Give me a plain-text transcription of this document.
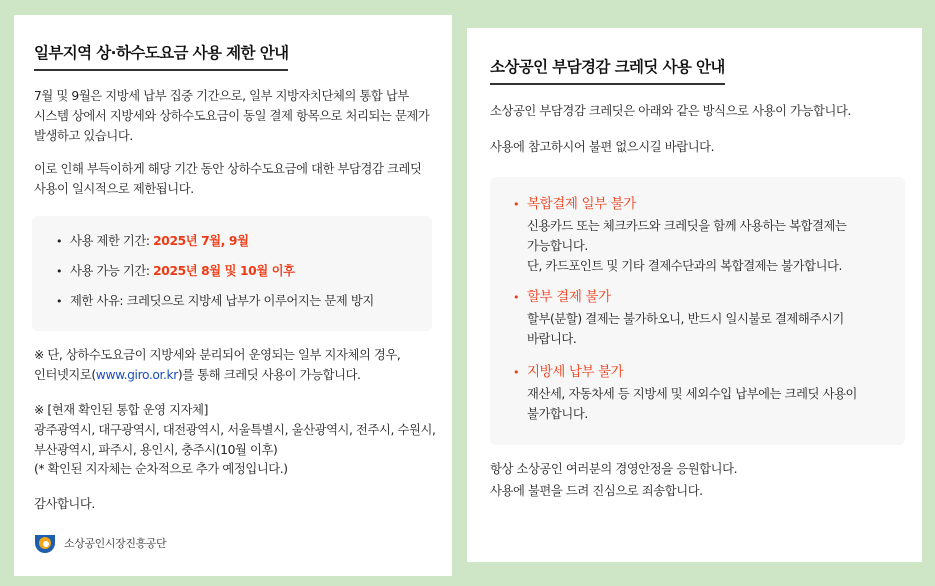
일부지역 상·하수도요금 사용 제한 안내
7월 및 9월은 지방세 납부 집중 기간으로, 일부 지방자치단체의 통합 납부
시스템 상에서 지방세와 상하수도요금이 동일 결제 항목으로 처리되는 문제가
발생하고 있습니다.
이로 인해 부득이하게 해당 기간 동안 상하수도요금에 대한 부담경감 크레딧
사용이 일시적으로 제한됩니다.
• 사용 제한 기간: 2025년 7월, 9월
• 사용 가능 기간: 2025년 8월 및 10월 이후
• 제한 사유: 크레딧으로 지방세 납부가 이루어지는 문제 방지
※ 단, 상하수도요금이 지방세와 분리되어 운영되는 일부 지자체의 경우,
인터넷지로(www.giro.or.kr)를 통해 크레딧 사용이 가능합니다.
※ [현재 확인된 통합 운영 지자체]
광주광역시, 대구광역시, 대전광역시, 서울특별시, 울산광역시, 전주시, 수원시,
부산광역시, 파주시, 용인시, 충주시(10월 이후)
(* 확인된 지자체는 순차적으로 추가 예정입니다.)
감사합니다.
소상공인시장진흥공단
소상공인 부담경감 크레딧 사용 안내
소상공인 부담경감 크레딧은 아래와 같은 방식으로 사용이 가능합니다.
사용에 참고하시어 불편 없으시길 바랍니다.
• 복합결제 일부 불가
신용카드 또는 체크카드와 크레딧을 함께 사용하는 복합결제는
가능합니다.
단, 카드포인트 및 기타 결제수단과의 복합결제는 불가합니다.
• 할부 결제 불가
할부(분할) 결제는 불가하오니, 반드시 일시불로 결제해주시기
바랍니다.
• 지방세 납부 불가
재산세, 자동차세 등 지방세 및 세외수입 납부에는 크레딧 사용이
불가합니다.
항상 소상공인 여러분의 경영안정을 응원합니다.
사용에 불편을 드려 진심으로 죄송합니다.
